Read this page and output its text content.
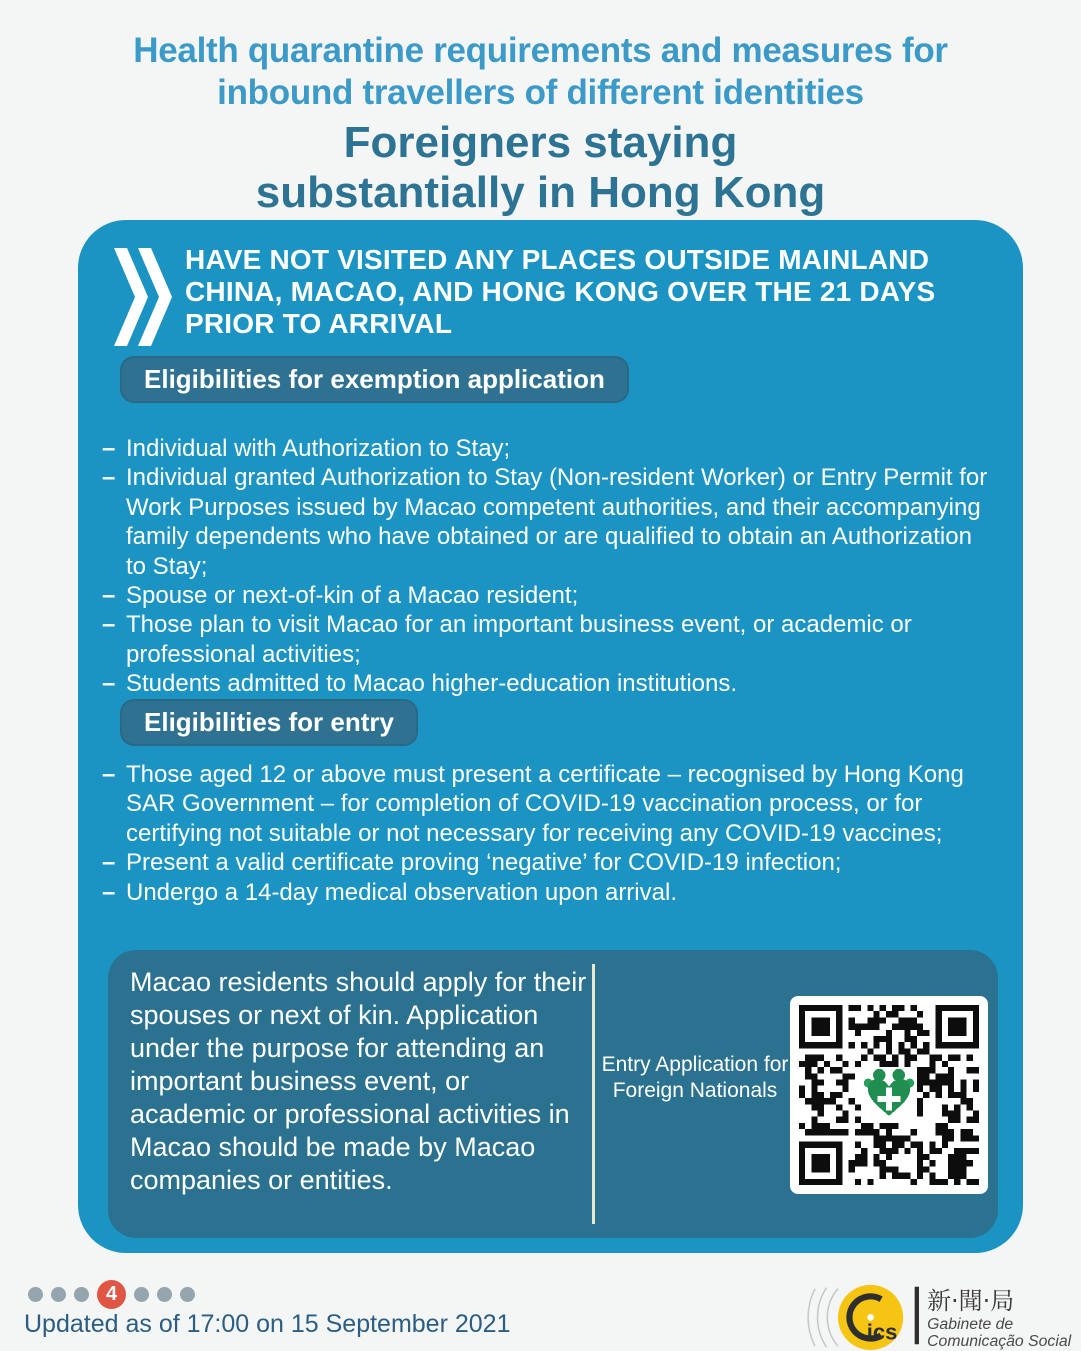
Health quarantine requirements and measures for inbound travellers of different identities
Foreigners staying substantially in Hong Kong
HAVE NOT VISITED ANY PLACES OUTSIDE MAINLAND CHINA, MACAO, AND HONG KONG OVER THE 21 DAYS PRIOR TO ARRIVAL
Eligibilities for exemption application
– Individual with Authorization to Stay;
– Individual granted Authorization to Stay (Non-resident Worker) or Entry Permit for Work Purposes issued by Macao competent authorities, and their accompanying family dependents who have obtained or are qualified to obtain an Authorization to Stay;
– Spouse or next-of-kin of a Macao resident;
– Those plan to visit Macao for an important business event, or academic or professional activities;
– Students admitted to Macao higher-education institutions.
Eligibilities for entry
– Those aged 12 or above must present a certificate – recognised by Hong Kong SAR Government – for completion of COVID-19 vaccination process, or for certifying not suitable or not necessary for receiving any COVID-19 vaccines;
– Present a valid certificate proving ‘negative’ for COVID-19 infection;
– Undergo a 14-day medical observation upon arrival.

Macao residents should apply for their spouses or next of kin. Application under the purpose for attending an important business event, or academic or professional activities in Macao should be made by Macao companies or entities.

Entry Application for Foreign Nationals
4
Updated as of 17:00 on 15 September 2021	ics
新·聞·局
Gabinete de
Comunicação Social
